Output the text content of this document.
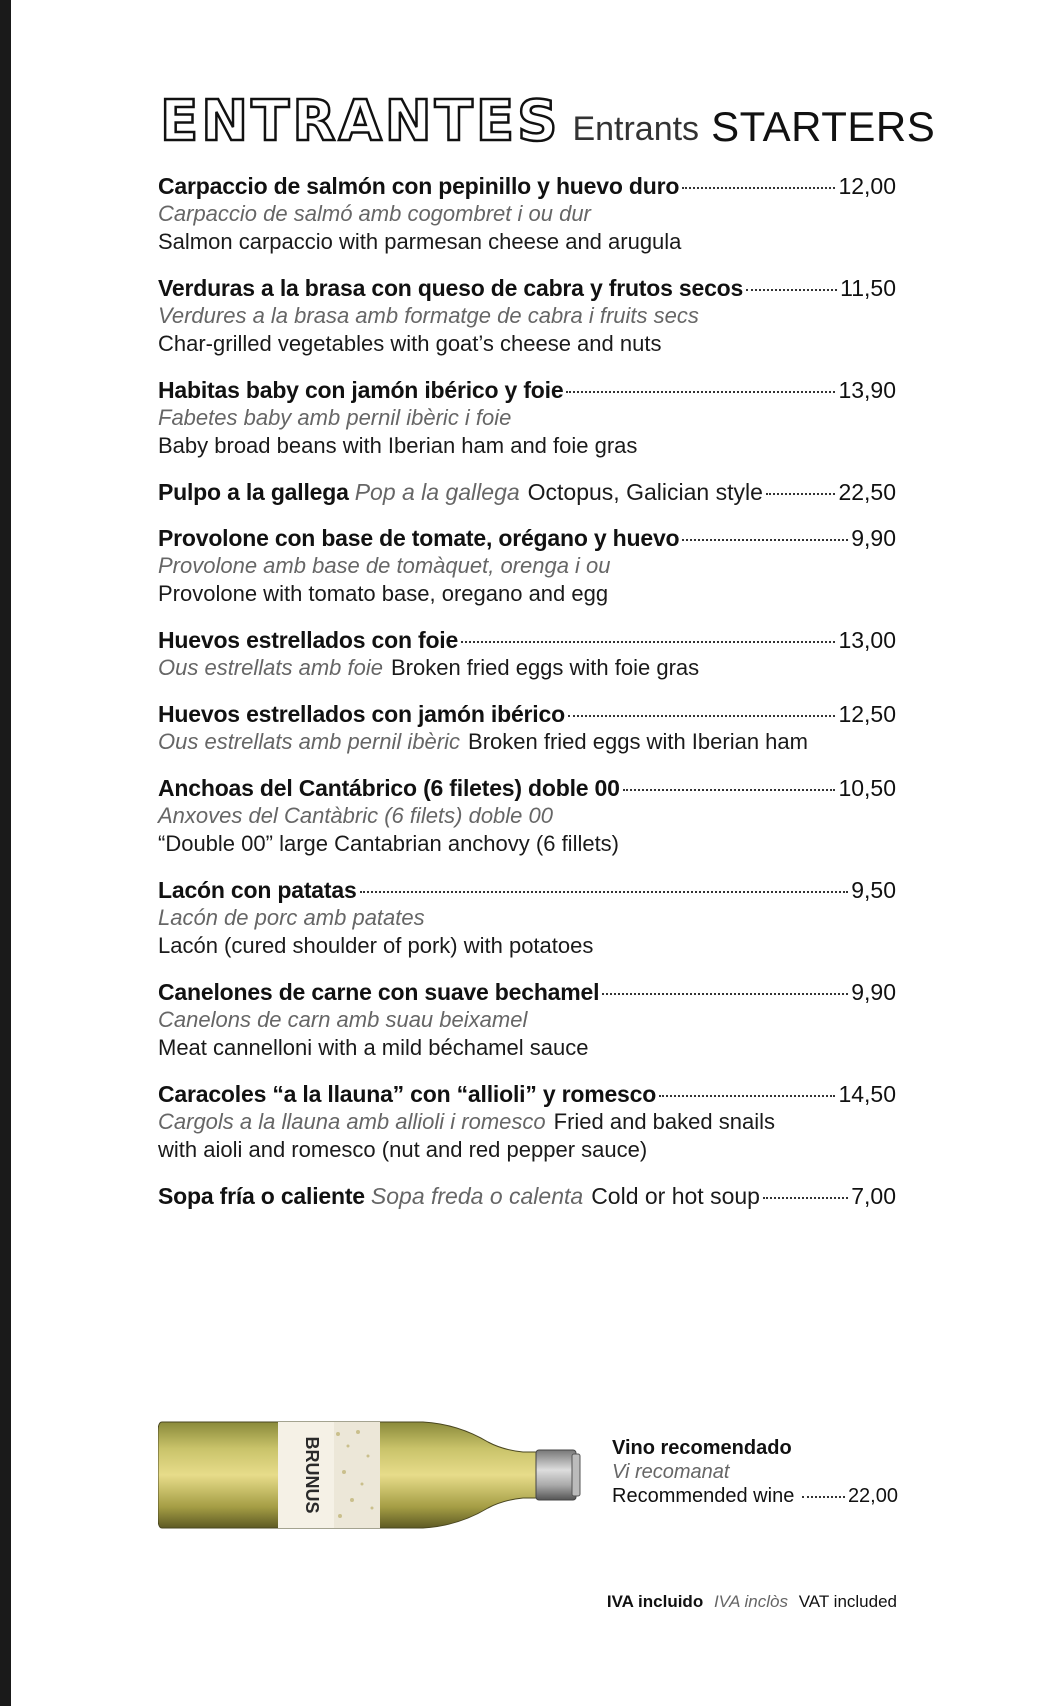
ENTRANTES Entrants STARTERS
Carpaccio de salmón con pepinillo y huevo duro	12,00
Carpaccio de salmó amb cogombret i ou dur
Salmon carpaccio with parmesan cheese and arugula
Verduras a la brasa con queso de cabra y frutos secos	11,50
Verdures a la brasa amb formatge de cabra i fruits secs
Char-grilled vegetables with goat’s cheese and nuts
Habitas baby con jamón ibérico y foie	13,90
Fabetes baby amb pernil ibèric i foie
Baby broad beans with Iberian ham and foie gras
Pulpo a la gallega Pop a la gallega Octopus, Galician style	22,50
Provolone con base de tomate, orégano y huevo	9,90
Provolone amb base de tomàquet, orenga i ou
Provolone with tomato base, oregano and egg
Huevos estrellados con foie	13,00
Ous estrellats amb foie Broken fried eggs with foie gras
Huevos estrellados con jamón ibérico	12,50
Ous estrellats amb pernil ibèric Broken fried eggs with Iberian ham
Anchoas del Cantábrico (6 filetes) doble 00	10,50
Anxoves del Cantàbric (6 filets) doble 00
“Double 00” large Cantabrian anchovy (6 fillets)
Lacón con patatas	9,50
Lacón de porc amb patates
Lacón (cured shoulder of pork) with potatoes
Canelones de carne con suave bechamel	9,90
Canelons de carn amb suau beixamel
Meat cannelloni with a mild béchamel sauce
Caracoles “a la llauna” con “allioli” y romesco	14,50
Cargols a la llauna amb allioli i romesco Fried and baked snails
with aioli and romesco (nut and red pepper sauce)
Sopa fría o caliente Sopa freda o calenta Cold or hot soup	7,00
BRUNUS	Vino recomendado
Vi recomanat
Recommended wine	22,00
IVA incluido IVA inclòs VAT included
